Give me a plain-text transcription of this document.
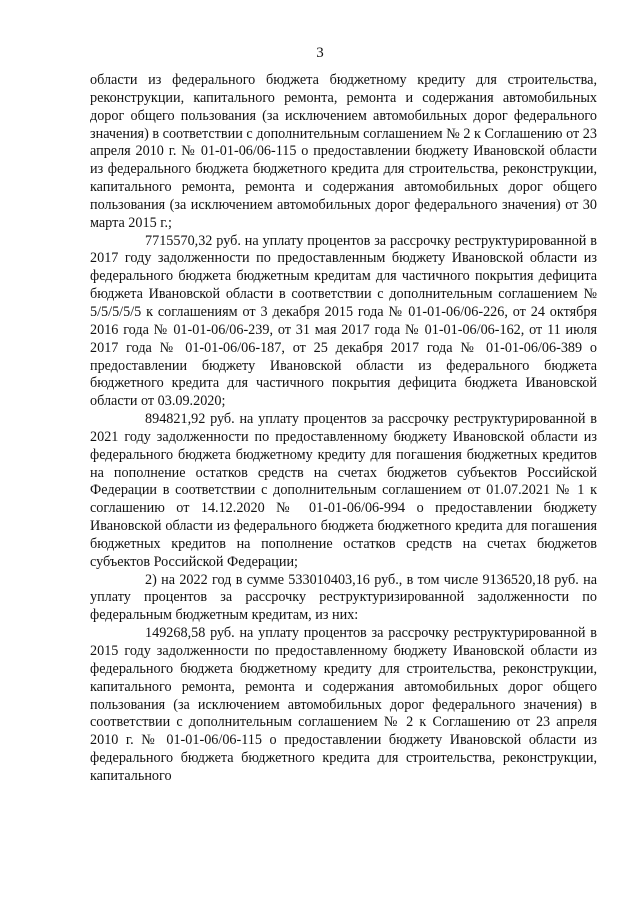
3

области из федерального бюджета бюджетному кредиту для строительства, реконструкции, капитального ремонта, ремонта и содержания автомобильных дорог общего пользования (за исключением автомобильных дорог федерального значения) в соответствии с дополнительным соглашением № 2 к Соглашению от 23 апреля 2010 г. № 01-01-06/06-115 о предоставлении бюджету Ивановской области из федерального бюджета бюджетного кредита для строительства, реконструкции, капитального ремонта, ремонта и содержания автомобильных дорог общего пользования (за исключением автомобильных дорог федерального значения) от 30 марта 2015 г.;

7715570,32 руб. на уплату процентов за рассрочку реструктурированной в 2017 году задолженности по предоставленным бюджету Ивановской области из федерального бюджета бюджетным кредитам для частичного покрытия дефицита бюджета Ивановской области в соответствии с дополнительным соглашением № 5/5/5/5/5 к соглашениям от 3 декабря 2015 года № 01-01-06/06-226, от 24 октября 2016 года № 01-01-06/06-239, от 31 мая 2017 года № 01-01-06/06-162, от 11 июля 2017 года № 01-01-06/06-187, от 25 декабря 2017 года № 01-01-06/06-389 о предоставлении бюджету Ивановской области из федерального бюджета бюджетного кредита для частичного покрытия дефицита бюджета Ивановской области от 03.09.2020;

894821,92 руб. на уплату процентов за рассрочку реструктурированной в 2021 году задолженности по предоставленному бюджету Ивановской области из федерального бюджета бюджетному кредиту для погашения бюджетных кредитов на пополнение остатков средств на счетах бюджетов субъектов Российской Федерации в соответствии с дополнительным соглашением от 01.07.2021 № 1 к соглашению от 14.12.2020 № 01-01-06/06-994 о предоставлении бюджету Ивановской области из федерального бюджета бюджетного кредита для погашения бюджетных кредитов на пополнение остатков средств на счетах бюджетов субъектов Российской Федерации;

2) на 2022 год в сумме 533010403,16 руб., в том числе 9136520,18 руб. на уплату процентов за рассрочку реструктуризированной задолженности по федеральным бюджетным кредитам, из них:

149268,58 руб. на уплату процентов за рассрочку реструктурированной в 2015 году задолженности по предоставленному бюджету Ивановской области из федерального бюджета бюджетному кредиту для строительства, реконструкции, капитального ремонта, ремонта и содержания автомобильных дорог общего пользования (за исключением автомобильных дорог федерального значения) в соответствии с дополнительным соглашением № 2 к Соглашению от 23 апреля 2010 г. № 01-01-06/06-115 о предоставлении бюджету Ивановской области из федерального бюджета бюджетного кредита для строительства, реконструкции, капитального
